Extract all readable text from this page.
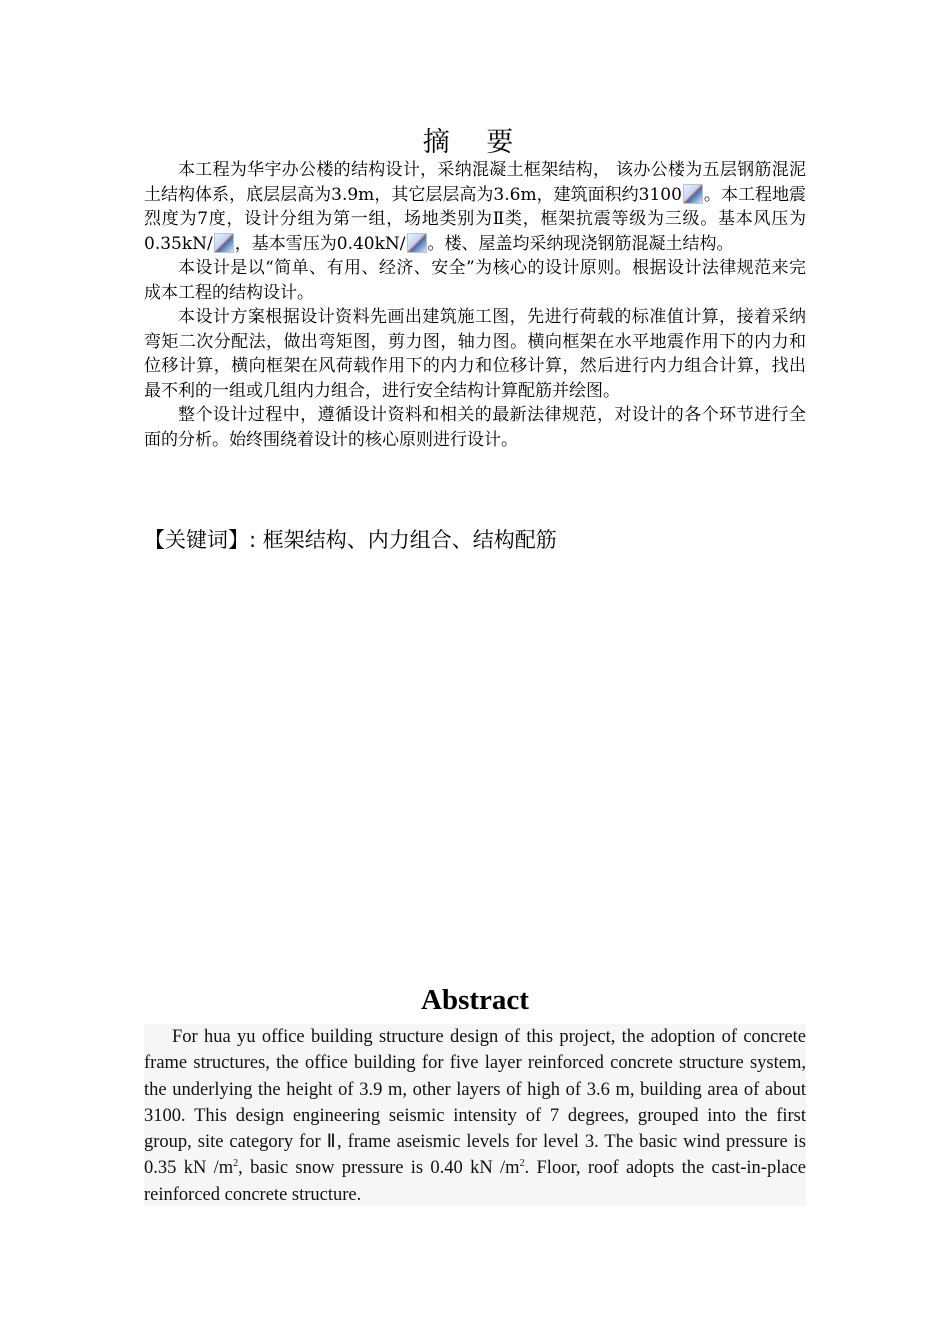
摘 要

本工程为华宇办公楼的结构设计，采纳混凝土框架结构， 该办公楼为五层钢筋混泥土结构体系，底层层高为3.9m，其它层层高为3.6m，建筑面积约3100 。本工程地震烈度为7度，设计分组为第一组，场地类别为Ⅱ类，框架抗震等级为三级。基本风压为0.35kN/ ，基本雪压为0.40kN/ 。楼、屋盖均采纳现浇钢筋混凝土结构。

本设计是以“简单、有用、经济、安全”为核心的设计原则。根据设计法律规范来完成本工程的结构设计。

本设计方案根据设计资料先画出建筑施工图，先进行荷载的标准值计算，接着采纳弯矩二次分配法，做出弯矩图，剪力图，轴力图。横向框架在水平地震作用下的内力和位移计算，横向框架在风荷载作用下的内力和位移计算，然后进行内力组合计算，找出最不利的一组或几组内力组合，进行安全结构计算配筋并绘图。

整个设计过程中，遵循设计资料和相关的最新法律规范，对设计的各个环节进行全面的分析。始终围绕着设计的核心原则进行设计。

【关键词】: 框架结构、内力组合、结构配筋
Abstract

For hua yu office building structure design of this project, the adoption of concrete frame structures, the office building for five layer reinforced concrete structure system, the underlying the height of 3.9 m, other layers of high of 3.6 m, building area of about 3100. This design engineering seismic intensity of 7 degrees, grouped into the first group, site category for Ⅱ, frame aseismic levels for level 3. The basic wind pressure is 0.35 kN $/m^2$, basic snow pressure is 0.40 kN $/m^2$. Floor, roof adopts the cast-in-place reinforced concrete structure.
